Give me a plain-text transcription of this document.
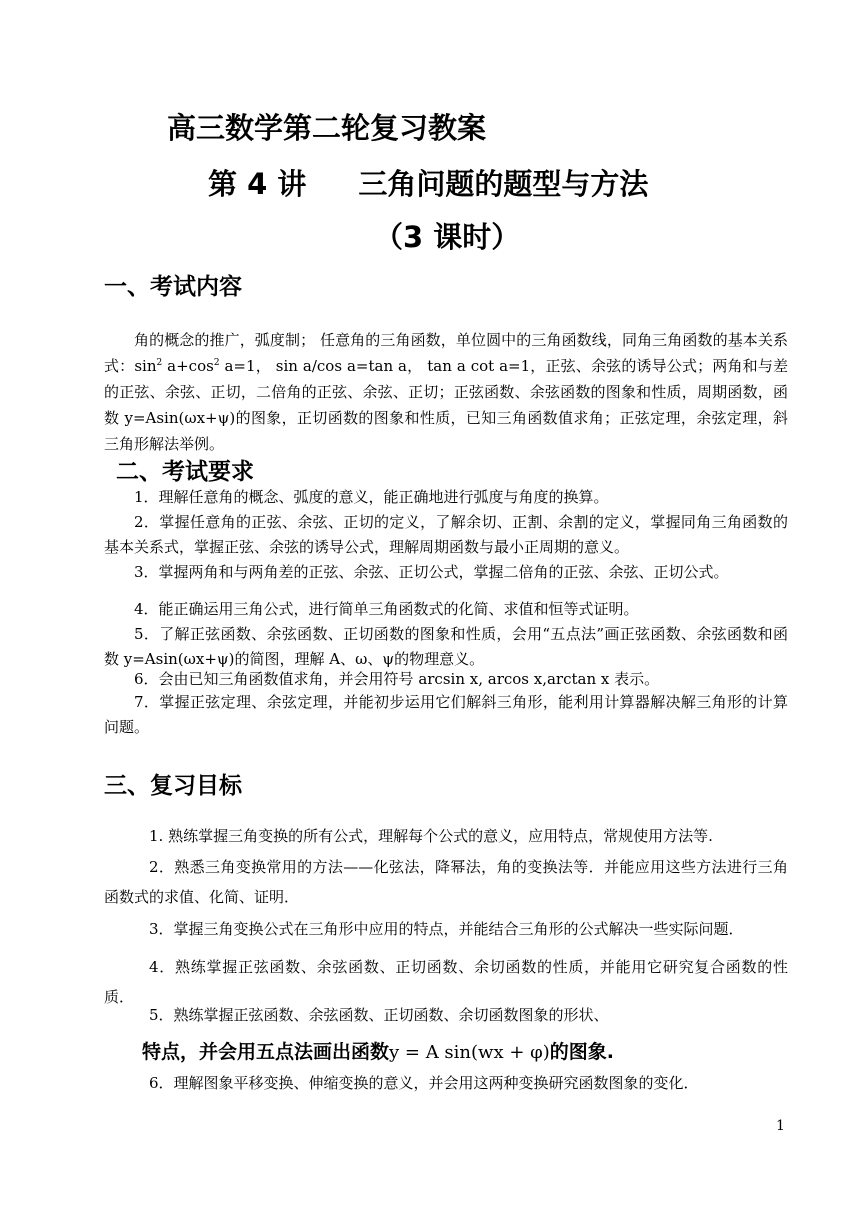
高三数学第二轮复习教案
第 4 讲 三角问题的题型与方法
（3 课时）
一、考试内容
角的概念的推广，弧度制； 任意角的三角函数，单位圆中的三角函数线，同角三角函数的基本关系式：$\sin^2 a+\cos^2$ a=1， sin a/cos a=tan a， tan a cot a=1，正弦、余弦的诱导公式；两角和与差的正弦、余弦、正切，二倍角的正弦、余弦、正切；正弦函数、余弦函数的图象和性质，周期函数，函数 y=Asin(ωx+ψ)的图象，正切函数的图象和性质，已知三角函数值求角；正弦定理，余弦定理，斜三角形解法举例。
二、考试要求
1．理解任意角的概念、弧度的意义，能正确地进行弧度与角度的换算。
2．掌握任意角的正弦、余弦、正切的定义，了解余切、正割、余割的定义，掌握同角三角函数的基本关系式，掌握正弦、余弦的诱导公式，理解周期函数与最小正周期的意义。
3．掌握两角和与两角差的正弦、余弦、正切公式，掌握二倍角的正弦、余弦、正切公式。
4．能正确运用三角公式，进行简单三角函数式的化简、求值和恒等式证明。
5．了解正弦函数、余弦函数、正切函数的图象和性质，会用“五点法”画正弦函数、余弦函数和函数 y=Asin(ωx+ψ)的简图，理解 A、ω、ψ的物理意义。
6．会由已知三角函数值求角，并会用符号 arcsin x, arcos x,arctan x 表示。
7．掌握正弦定理、余弦定理，并能初步运用它们解斜三角形，能利用计算器解决解三角形的计算问题。
三、复习目标
1. 熟练掌握三角变换的所有公式，理解每个公式的意义，应用特点，常规使用方法等.
2．熟悉三角变换常用的方法——化弦法，降幂法，角的变换法等．并能应用这些方法进行三角函数式的求值、化简、证明．
3．掌握三角变换公式在三角形中应用的特点，并能结合三角形的公式解决一些实际问题．
4．熟练掌握正弦函数、余弦函数、正切函数、余切函数的性质，并能用它研究复合函数的性质．
5．熟练掌握正弦函数、余弦函数、正切函数、余切函数图象的形状、
特点，并会用五点法画出函数y = A sin(wx + φ)的图象.
6．理解图象平移变换、伸缩变换的意义，并会用这两种变换研究函数图象的变化．
1
